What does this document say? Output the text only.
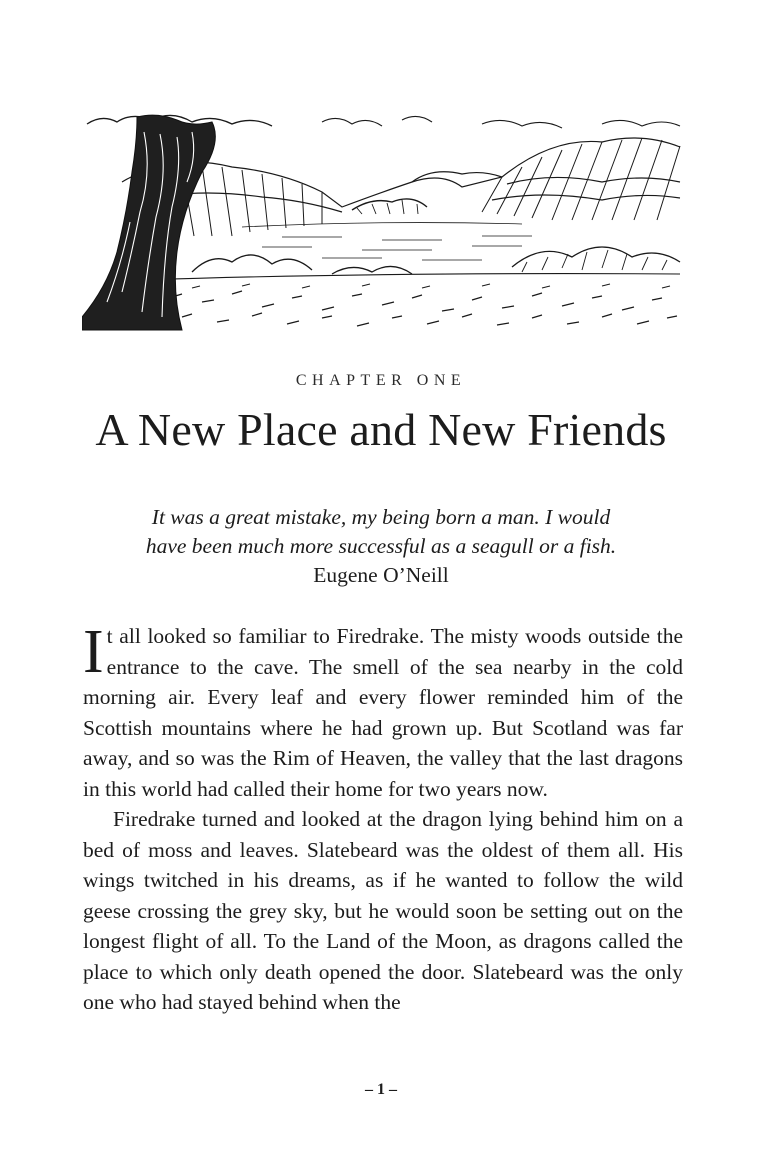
CHAPTER ONE
A New Place and New Friends
It was a great mistake, my being born a man. I would
have been much more successful as a seagull or a fish.
Eugene O’Neill

It all looked so familiar to Firedrake. The misty woods outside the entrance to the cave. The smell of the sea nearby in the cold morning air. Every leaf and every flower reminded him of the Scottish mountains where he had grown up. But Scotland was far away, and so was the Rim of Heaven, the valley that the last dragons in this world had called their home for two years now.

Firedrake turned and looked at the dragon lying behind him on a bed of moss and leaves. Slatebeard was the oldest of them all. His wings twitched in his dreams, as if he wanted to follow the wild geese crossing the grey sky, but he would soon be setting out on the longest flight of all. To the Land of the Moon, as dragons called the place to which only death opened the door. Slatebeard was the only one who had stayed behind when the

– 1 –
